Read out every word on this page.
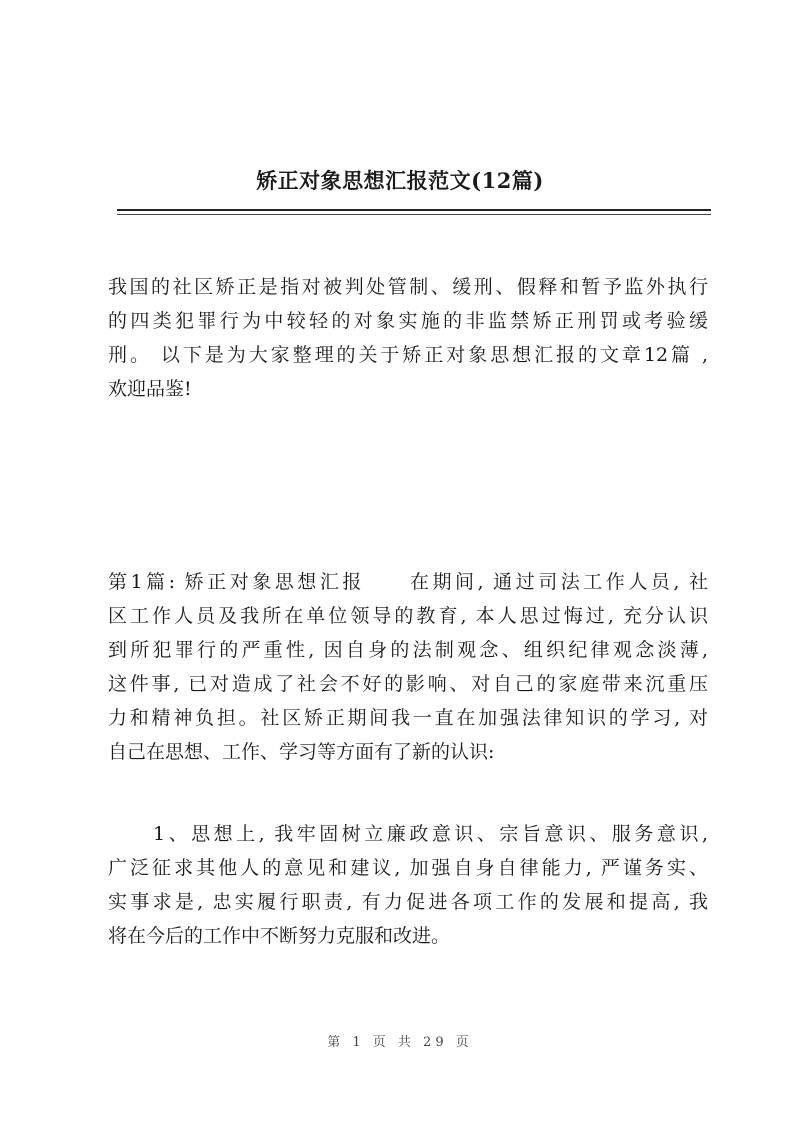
矫正对象思想汇报范文(12篇)
我国的社区矫正是指对被判处管制、缓刑、假释和暂予监外执行
的四类犯罪行为中较轻的对象实施的非监禁矫正刑罚或考验缓
刑。 以下是为大家整理的关于矫正对象思想汇报的文章12篇 ,
欢迎品鉴!
第1篇: 矫正对象思想汇报　　在期间, 通过司法工作人员, 社
区工作人员及我所在单位领导的教育, 本人思过悔过, 充分认识
到所犯罪行的严重性, 因自身的法制观念、组织纪律观念淡薄,
这件事, 已对造成了社会不好的影响、对自己的家庭带来沉重压
力和精神负担。社区矫正期间我一直在加强法律知识的学习, 对
自己在思想、工作、学习等方面有了新的认识:
　　1、思想上, 我牢固树立廉政意识、宗旨意识、服务意识,
广泛征求其他人的意见和建议, 加强自身自律能力, 严谨务实、
实事求是, 忠实履行职责, 有力促进各项工作的发展和提高, 我
将在今后的工作中不断努力克服和改进。
第 1 页 共 29 页
